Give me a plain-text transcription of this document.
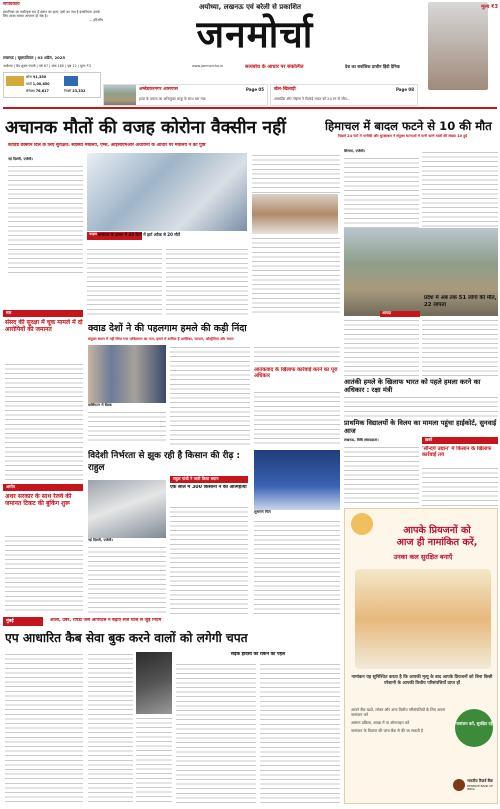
संपादकीय
इंसानियत का सर्वोत्कृष्ट रूप है इंसान का कृत्य, इसी का नाम है इंसानियत। इसके लिए शास्त्र सम्मत आचरण ही श्रेष्ठ है।
— हरिऔध
अयोध्या, लखनऊ एवं बरेली से प्रकाशित
जनमोर्चा
मूल्य ₹3
लखनऊ | बृहस्पतिवार | 03 अप्रैल, 2025
अयोध्या | चैत्र शुक्ल पंचमी | वर्ष 67 | अंक 180 | पृष्ठ 12 | मूल्य ₹3	www.janmorcha.in	सत्यबोध के आधार पर संकल्पित	देश का सर्वाधिक प्राचीन हिंदी दैनिक
सोना 91,350
चांदी 1,00,850
सेंसेक्स 76,617	निफ्टी 23,332	अम्बेडकरनगर आसपास	Page 05
हत्या के प्रयास का अभियुक्त चाकू के साथ धरा गया
खेल-खिलाड़ी	Page 08
अम्मांडेंस और गोइंग्स ने दिलाई भारत को 24 रन से जीत...
अचानक मौतों की वजह कोरोना वैक्सीन नहीं
कोविड वैक्सीन दिल के लिए सुरक्षित: स्वास्थ्य मंत्रालय, एम्स, आईसीएमआर अध्ययनों के आधार पर मंत्रालय ने की पुष्टि
हिमाचल में बादल फटने से 10 की मौत
पिछले 24 घंटों में पानीसी और सुरक्षाबल ने संयुक्त घटनाओं में पानी करने वालों की संख्या 10 हुई
शिमला, एजेंसी।
आपदा
प्रदेश में अब तक 51 लोगों की मौत, 22 लापता
नई दिल्ली, एजेंसी।
फाइल कर्नाटक के हासन में 40 दिनों में हार्ट अटैक से 20 मौतें
सार
संसद की सुरक्षा में चूक मामले में दो आरोपियों की जमानत
आरोप
अधर सरकार के साथ रेलवे की जमानत टिकट की बुकिंग शुरू
क्वाड देशों ने की पहलगाम हमले की कड़ी निंदा
संयुक्त बयान में नहीं लिया गया पाकिस्तान का नाम, हमले में शामिल हैं अमेरिका, जापान, ऑस्ट्रेलिया और भारत
वाशिंगटन में बैठक
आतंकवाद के खिलाफ कार्रवाई करने का पूरा अधिकार
आतंकी हमले के खिलाफ भारत को पहले हमला करने का अधिकार : रक्षा मंत्री
प्राथमिक विद्यालयों के विलय का मामला पहुंचा हाईकोर्ट, सुनवाई आज
लखनऊ, विधि संवाददाता।	ख़बरें
'सौन्दर्य उद्यान' में किसान के खिलाफ कार्रवाई तय
विदेशी निर्भरता से झुक रही है किसान की रीढ़ : राहुल
नई दिल्ली, एजेंसी।
राहुल गांधी ने जारी किया बयान
एक साल में 300 किसानों ने की आत्महत्या
शुभमन गिल
आपके प्रियजनों को
आज ही नामांकित करें,
उनका कल सुरक्षित बनाएँ
नामांकन यह सुनिश्चित करता है कि आपकी मृत्यु के बाद आपके प्रियजनों को बिना किसी परेशानी के आपकी वित्तीय परिसंपत्तियाँ प्राप्त हों
आपने बैंक खाते, लॉकर और अन्य वित्तीय परिसंपत्तियों के लिए अपना नामांकन करें
आसान प्रक्रिया, शाखा में या ऑनलाइन करें
नामांकन के विवरण की जांच बैंक से की जा सकती है
नामांकन करें, सुरक्षित रहें
भारतीय रिज़र्व बैंक
RESERVE BANK OF INDIA
मुंबई	ओला, उबर, रैपिडो जैसे ऑपरेटर्स ने बढ़ाए सर्ज चार्ज से जुड़े नियम
एप आधारित कैब सेवा बुक करने वालों को लगेगी चपत
सड़क हादसों को रोकने की पहल
